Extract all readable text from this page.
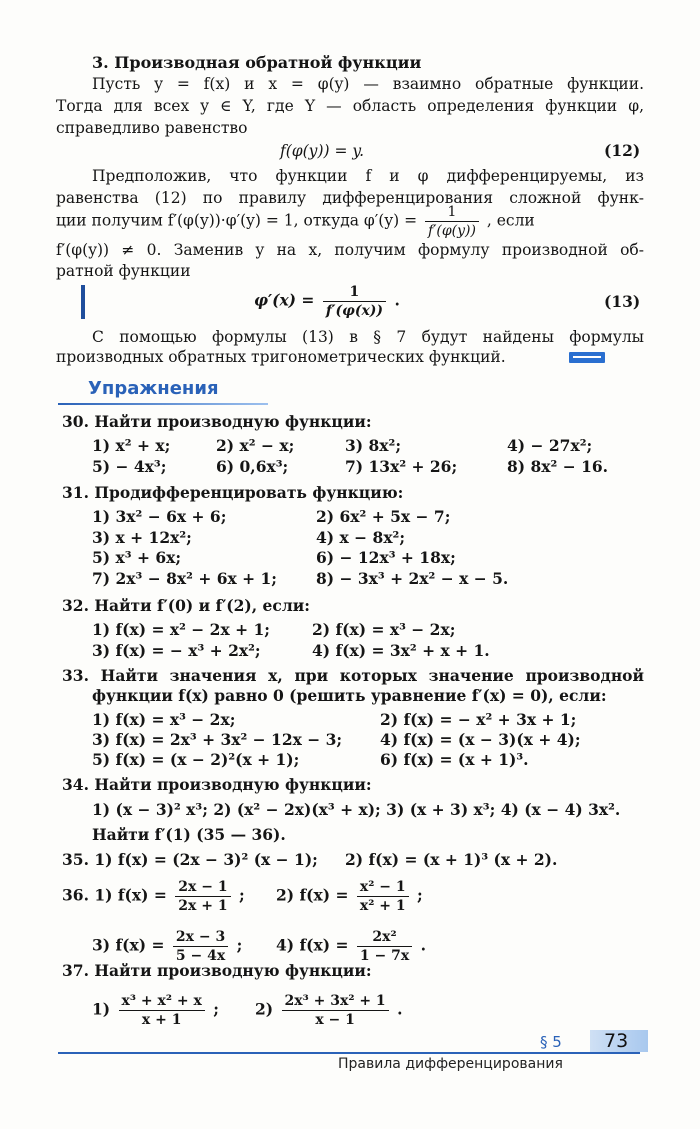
3. Производная обратной функции
Пусть y = f(x) и x = φ(y) — взаимно обратные функции.
Тогда для всех y ∈ Y, где Y — область определения функции φ,
справедливо равенство
f(φ(y)) = y.	(12)
Предположив, что функции f и φ дифференцируемы, из
равенства (12) по правилу дифференцирования сложной функ-
ции получим f′(φ(y))·φ′(y) = 1, откуда $\varphi'(y) = \frac{1}{f'(\varphi(y))}$ , если
f′(φ(y)) ≠ 0. Заменив y на x, получим формулу производной об-
ратной функции
$\varphi'(x) = \frac{1}{f'(\varphi(x))}$ .	(13)
С помощью формулы (13) в § 7 будут найдены формулы
производных обратных тригонометрических функций.
Упражнения
30. Найти производную функции:
1) x² + x;	2) x² − x;	3) 8x²;	4) − 27x²;
5) − 4x³;	6) 0,6x³;	7) 13x² + 26;	8) 8x² − 16.
31. Продифференцировать функцию:
1) 3x² − 6x + 6;	2) 6x² + 5x − 7;
3) x + 12x²;	4) x − 8x²;
5) x³ + 6x;	6) − 12x³ + 18x;
7) 2x³ − 8x² + 6x + 1;	8) − 3x³ + 2x² − x − 5.
32. Найти f′(0) и f′(2), если:
1) f(x) = x² − 2x + 1;	2) f(x) = x³ − 2x;
3) f(x) = − x³ + 2x²;	4) f(x) = 3x² + x + 1.
33. Найти значения x, при которых значение производной
функции f(x) равно 0 (решить уравнение f′(x) = 0), если:
1) f(x) = x³ − 2x;	2) f(x) = − x² + 3x + 1;
3) f(x) = 2x³ + 3x² − 12x − 3; 4) f(x) = (x − 3)(x + 4);
5) f(x) = (x − 2)²(x + 1);	6) f(x) = (x + 1)³.
34. Найти производную функции:
1) (x − 3)² x³; 2) (x² − 2x)(x³ + x); 3) (x + 3) x³; 4) (x − 4) 3x².
Найти f′(1) (35 — 36).
35. 1) f(x) = (2x − 3)² (x − 1); 2) f(x) = (x + 1)³ (x + 2).
36. 1) $f(x) = \frac{2x - 1}{2x + 1}$ ; 2) $f(x) = \frac{\text{x² − 1}}{\text{x² + 1}}$ ;
3) $f(x) = \frac{2x - 3}{5 - 4x}$ ; 4) $f(x) = \frac{\text{2x²}}{1 - 7x}$ .
37. Найти производную функции:
$1) \frac{\text{x³ + x² + x}}{x + 1}$ ; $2) \frac{\text{2x³ + 3x² + 1}}{x - 1}$ .
§ 5 73
Правила дифференцирования
